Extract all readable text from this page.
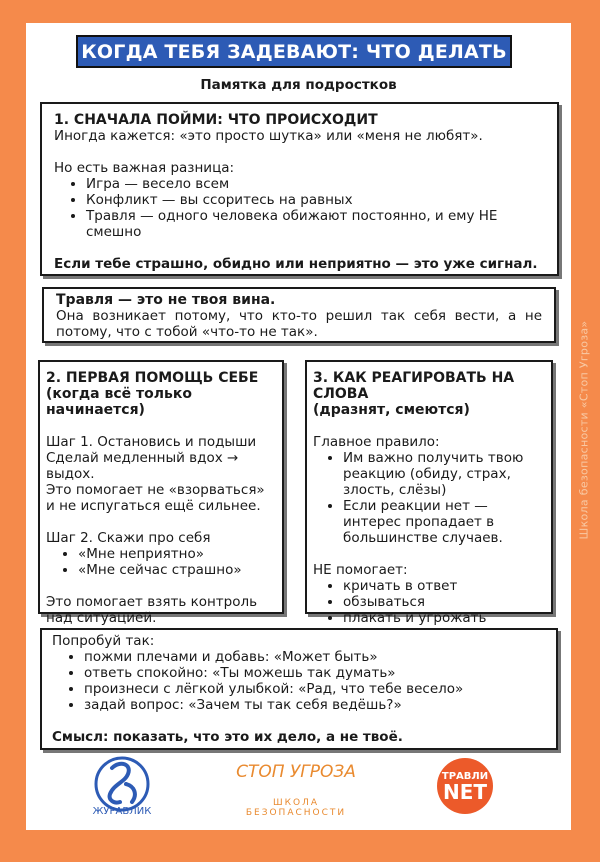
Школа безопасности «Стоп Угроза»
КОГДА ТЕБЯ ЗАДЕВАЮТ: ЧТО ДЕЛАТЬ
Памятка для подростков
1. СНАЧАЛА ПОЙМИ: ЧТО ПРОИСХОДИТ
Иногда кажется: «это просто шутка» или «меня не любят».
Но есть важная разница:
• Игра — весело всем
• Конфликт — вы ссоритесь на равных
• Травля — одного человека обижают постоянно, и ему НЕ смешно
Если тебе страшно, обидно или неприятно — это уже сигнал.
Травля — это не твоя вина.
Она возникает потому, что кто-то решил так себя вести, а не потому, что с тобой «что-то не так».
2. ПЕРВАЯ ПОМОЩЬ СЕБЕ
(когда всё только начинается)
Шаг 1. Остановись и подыши
Сделай медленный вдох → выдох.
Это помогает не «взорваться» и не испугаться ещё сильнее.
Шаг 2. Скажи про себя
• «Мне неприятно»
• «Мне сейчас страшно»
Это помогает взять контроль над ситуацией.
3. КАК РЕАГИРОВАТЬ НА СЛОВА
(дразнят, смеются)
Главное правило:
• Им важно получить твою реакцию (обиду, страх, злость, слёзы)
• Если реакции нет — интерес пропадает в большинстве случаев.
НЕ помогает:
• кричать в ответ
• обзываться
• плакать и угрожать
Попробуй так:
• пожми плечами и добавь: «Может быть»
• ответь спокойно: «Ты можешь так думать»
• произнеси с лёгкой улыбкой: «Рад, что тебе весело»
• задай вопрос: «Зачем ты так себя ведёшь?»
Смысл: показать, что это их дело, а не твоё.
ЖУРАВЛИК
СТОП УГРОЗА
ШКОЛА БЕЗОПАСНОСТИ
ТРАВЛИ
NET
